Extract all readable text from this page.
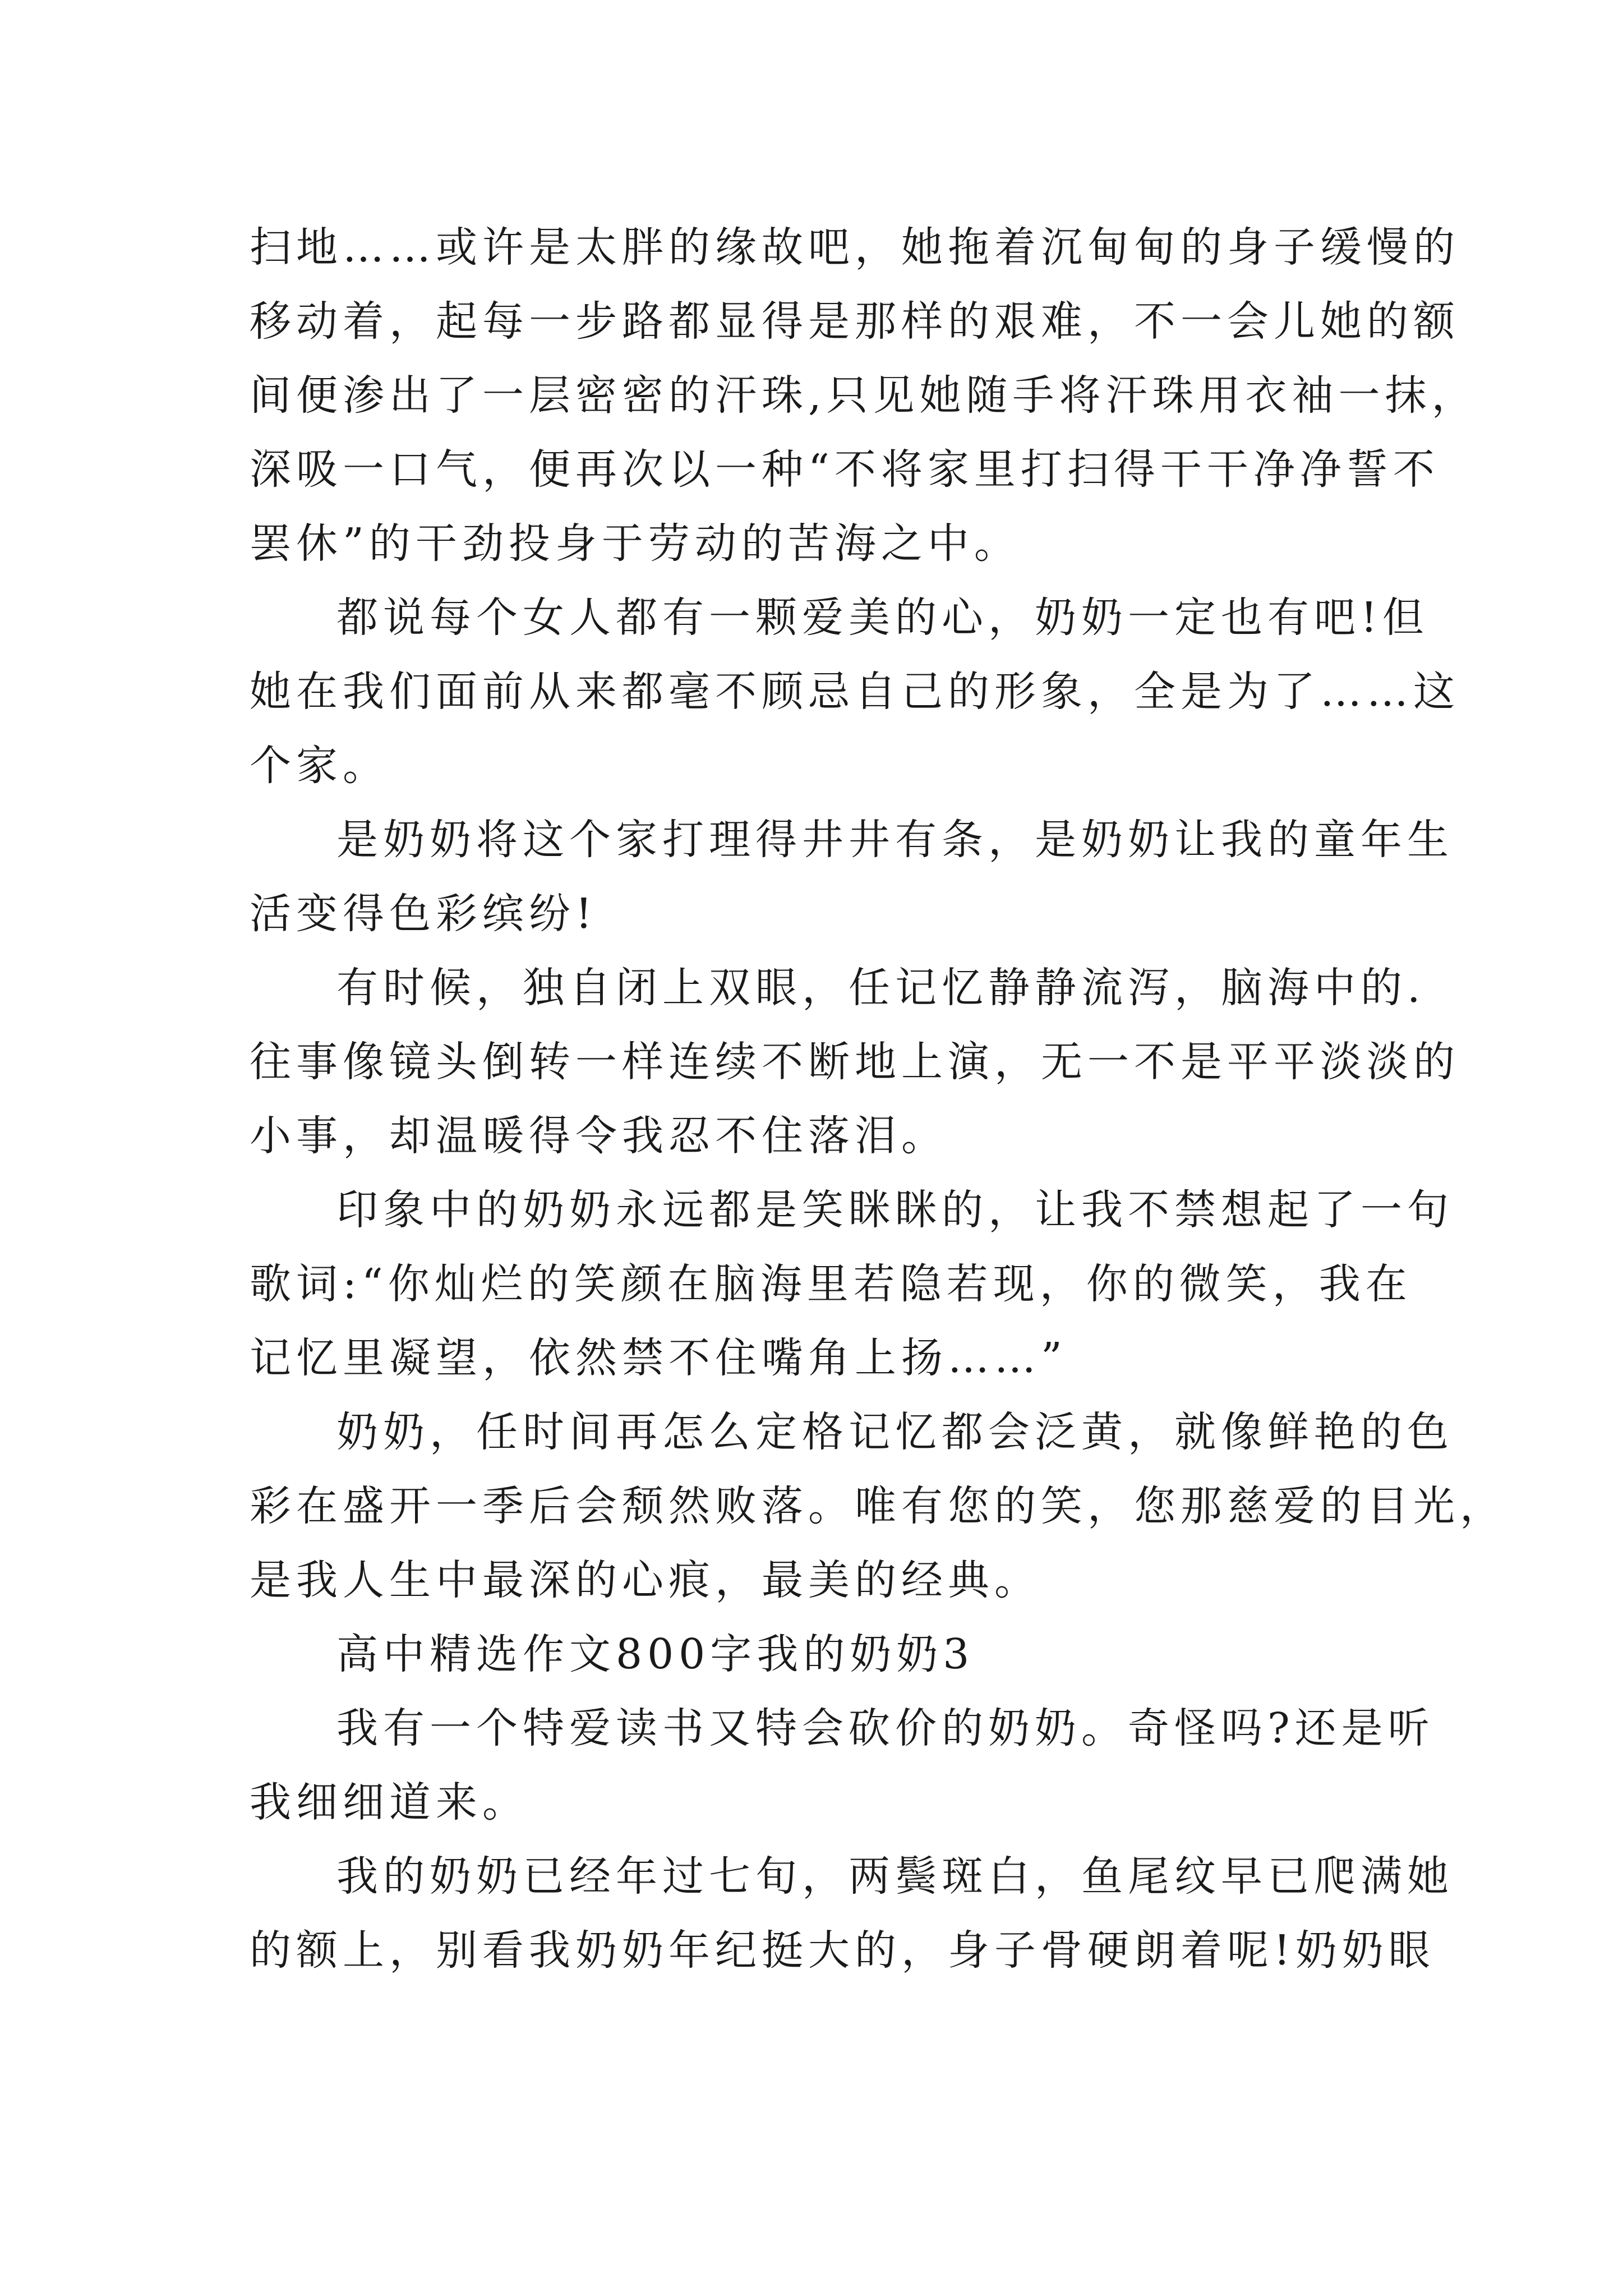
扫地……或许是太胖的缘故吧，她拖着沉甸甸的身子缓慢的
移动着，起每一步路都显得是那样的艰难，不一会儿她的额
间便渗出了一层密密的汗珠,只见她随手将汗珠用衣袖一抹，
深吸一口气，便再次以一种“不将家里打扫得干干净净誓不
罢休”的干劲投身于劳动的苦海之中。
都说每个女人都有一颗爱美的心，奶奶一定也有吧!但
她在我们面前从来都毫不顾忌自己的形象，全是为了……这
个家。
是奶奶将这个家打理得井井有条，是奶奶让我的童年生
活变得色彩缤纷!
有时候，独自闭上双眼，任记忆静静流泻，脑海中的.
往事像镜头倒转一样连续不断地上演，无一不是平平淡淡的
小事，却温暖得令我忍不住落泪。
印象中的奶奶永远都是笑眯眯的，让我不禁想起了一句
歌词:“你灿烂的笑颜在脑海里若隐若现，你的微笑，我在
记忆里凝望，依然禁不住嘴角上扬……”
奶奶，任时间再怎么定格记忆都会泛黄，就像鲜艳的色
彩在盛开一季后会颓然败落。唯有您的笑，您那慈爱的目光，
是我人生中最深的心痕，最美的经典。
高中精选作文800字我的奶奶3
我有一个特爱读书又特会砍价的奶奶。奇怪吗?还是听
我细细道来。
我的奶奶已经年过七旬，两鬓斑白，鱼尾纹早已爬满她
的额上，别看我奶奶年纪挺大的，身子骨硬朗着呢!奶奶眼
